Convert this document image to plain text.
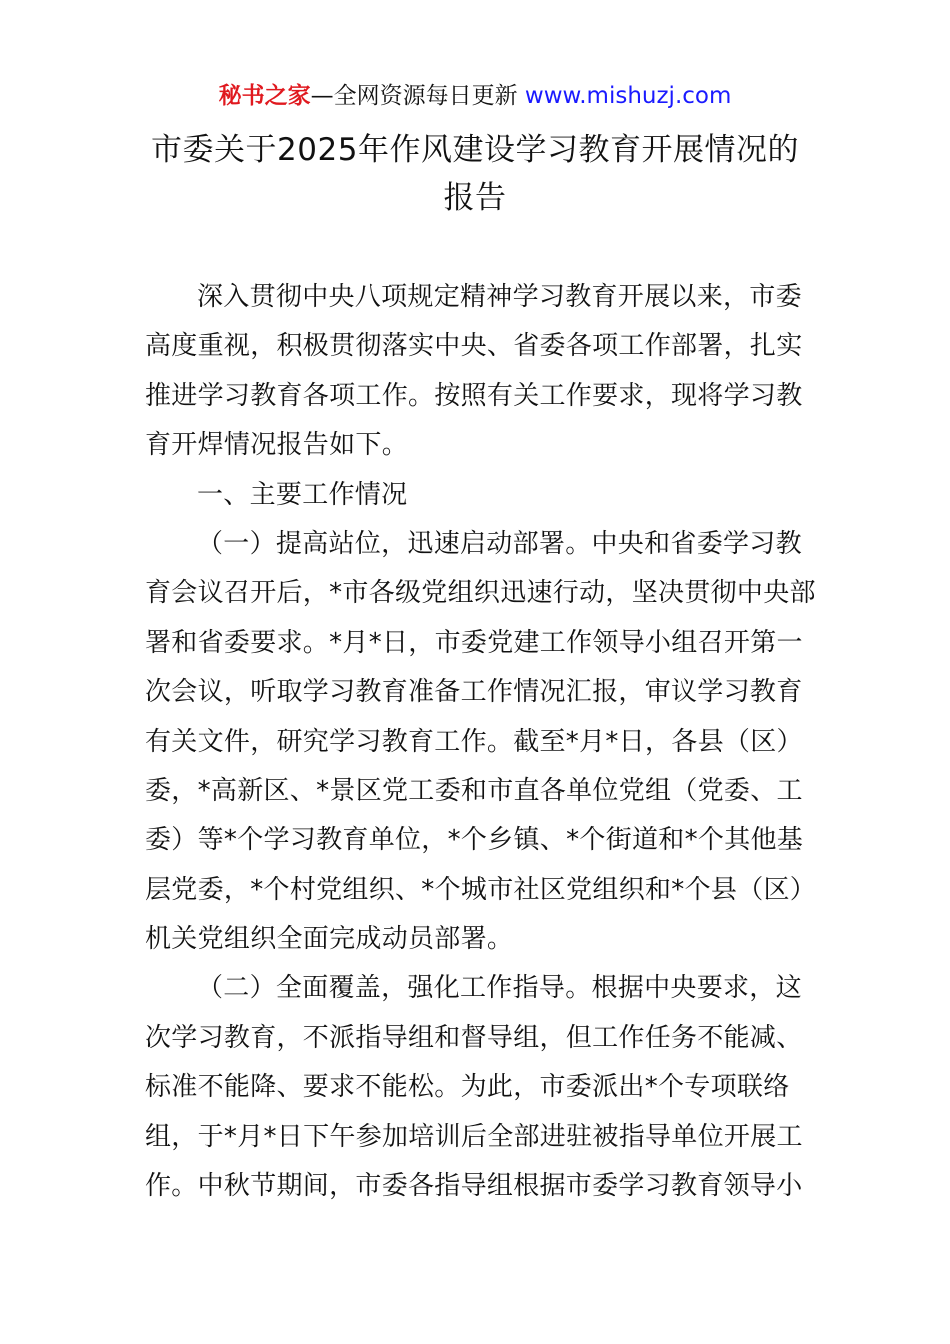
秘书之家—全网资源每日更新 www.mishuzj.com
市委关于2025年作风建设学习教育开展情况的
报告
深入贯彻中央八项规定精神学习教育开展以来，市委
高度重视，积极贯彻落实中央、省委各项工作部署，扎实
推进学习教育各项工作。按照有关工作要求，现将学习教
育开焊情况报告如下。
一、主要工作情况
（一）提高站位，迅速启动部署。中央和省委学习教
育会议召开后，*市各级党组织迅速行动，坚决贯彻中央部
署和省委要求。*月*日，市委党建工作领导小组召开第一
次会议，听取学习教育准备工作情况汇报，审议学习教育
有关文件，研究学习教育工作。截至*月*日，各县（区）
委，*高新区、*景区党工委和市直各单位党组（党委、工
委）等*个学习教育单位，*个乡镇、*个街道和*个其他基
层党委，*个村党组织、*个城市社区党组织和*个县（区）
机关党组织全面完成动员部署。
（二）全面覆盖，强化工作指导。根据中央要求，这
次学习教育，不派指导组和督导组，但工作任务不能减、
标准不能降、要求不能松。为此，市委派出*个专项联络
组，于*月*日下午参加培训后全部进驻被指导单位开展工
作。中秋节期间，市委各指导组根据市委学习教育领导小
